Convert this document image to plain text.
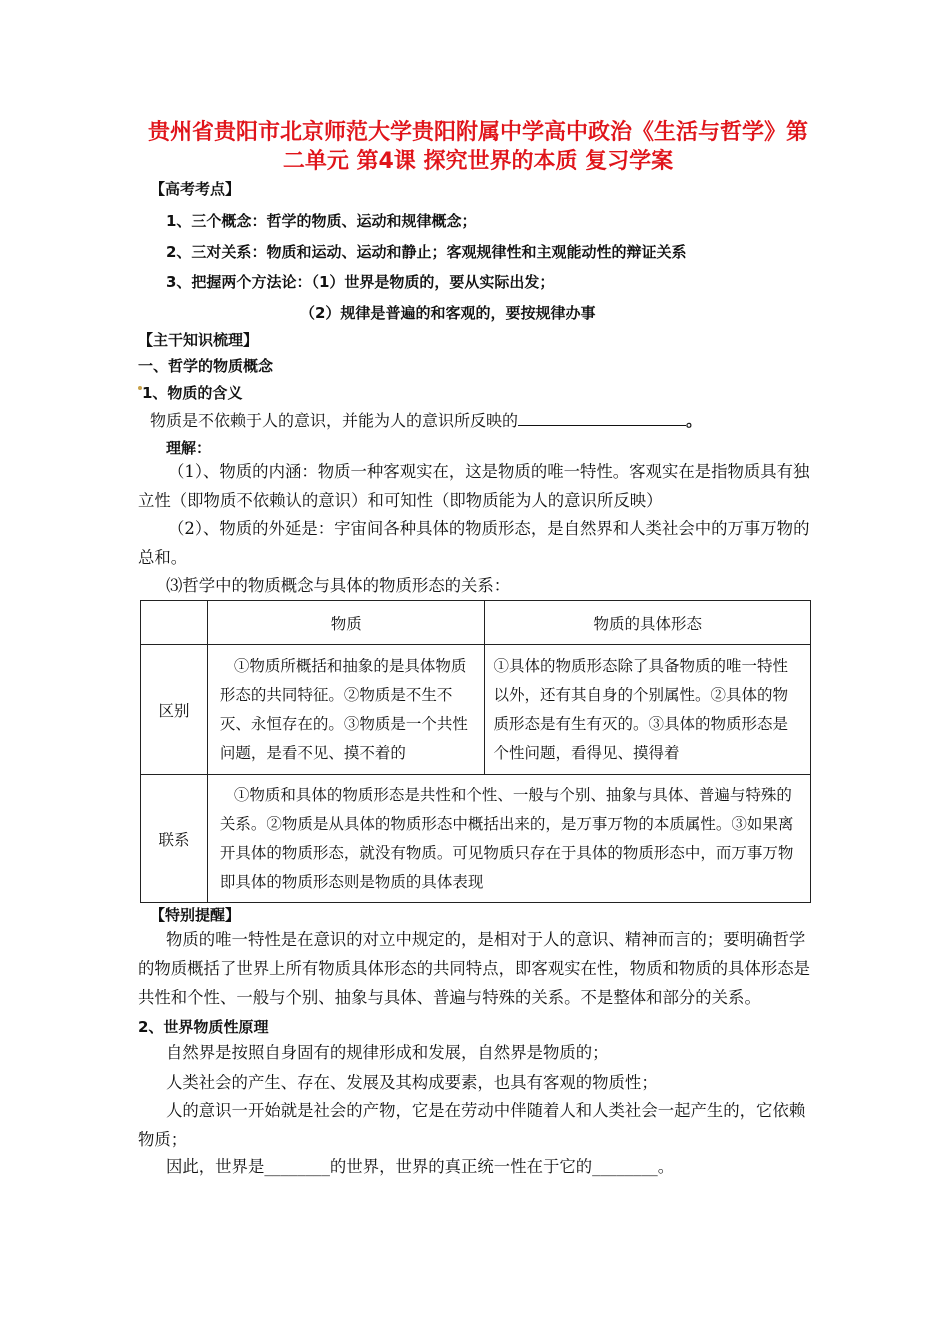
贵州省贵阳市北京师范大学贵阳附属中学高中政治《生活与哲学》第二单元 第4课 探究世界的本质 复习学案
【高考考点】
1、三个概念：哲学的物质、运动和规律概念；
2、三对关系：物质和运动、运动和静止；客观规律性和主观能动性的辩证关系
3、把握两个方法论：（1）世界是物质的，要从实际出发；
（2）规律是普遍的和客观的，要按规律办事
【主干知识梳理】
一、哲学的物质概念
1、物质的含义
物质是不依赖于人的意识，并能为人的意识所反映的	。
理解：
（1）、物质的内涵：物质一种客观实在，这是物质的唯一特性。客观实在是指物质具有独立性（即物质不依赖认的意识）和可知性（即物质能为人的意识所反映）
（2）、物质的外延是：宇宙间各种具体的物质形态，是自然界和人类社会中的万事万物的总和。
⑶哲学中的物质概念与具体的物质形态的关系：
	物质	物质的具体形态
区别	①物质所概括和抽象的是具体物质形态的共同特征。②物质是不生不灭、永恒存在的。③物质是一个共性问题，是看不见、摸不着的	①具体的物质形态除了具备物质的唯一特性以外，还有其自身的个别属性。②具体的物质形态是有生有灭的。③具体的物质形态是个性问题，看得见、摸得着

联系	①物质和具体的物质形态是共性和个性、一般与个别、抽象与具体、普遍与特殊的关系。②物质是从具体的物质形态中概括出来的，是万事万物的本质属性。③如果离开具体的物质形态，就没有物质。可见物质只存在于具体的物质形态中，而万事万物即具体的物质形态则是物质的具体表现	
【特别提醒】
物质的唯一特性是在意识的对立中规定的，是相对于人的意识、精神而言的；要明确哲学的物质概括了世界上所有物质具体形态的共同特点，即客观实在性，物质和物质的具体形态是共性和个性、一般与个别、抽象与具体、普遍与特殊的关系。不是整体和部分的关系。
2、世界物质性原理
自然界是按照自身固有的规律形成和发展，自然界是物质的；
人类社会的产生、存在、发展及其构成要素，也具有客观的物质性；
人的意识一开始就是社会的产物，它是在劳动中伴随着人和人类社会一起产生的，它依赖物质；
因此，世界是________的世界，世界的真正统一性在于它的________。
